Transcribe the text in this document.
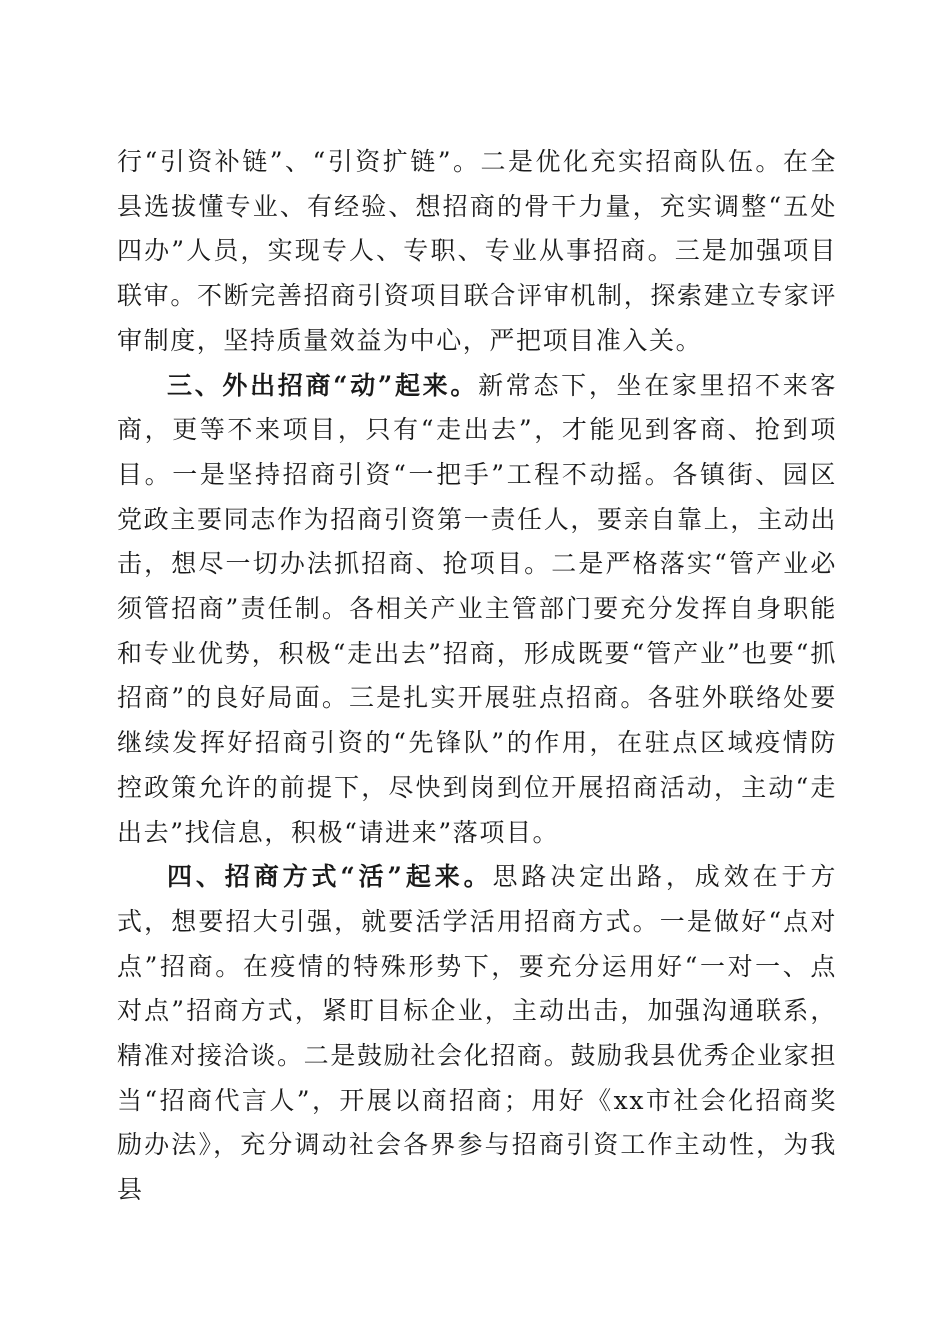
行“引资补链”、“引资扩链”。二是优化充实招商队伍。在全县选拔懂专业、有经验、想招商的骨干力量，充实调整“五处四办”人员，实现专人、专职、专业从事招商。三是加强项目联审。不断完善招商引资项目联合评审机制，探索建立专家评审制度，坚持质量效益为中心，严把项目准入关。

三、外出招商“动”起来。新常态下，坐在家里招不来客商，更等不来项目，只有“走出去”，才能见到客商、抢到项目。一是坚持招商引资“一把手”工程不动摇。各镇街、园区党政主要同志作为招商引资第一责任人，要亲自靠上，主动出击，想尽一切办法抓招商、抢项目。二是严格落实“管产业必须管招商”责任制。各相关产业主管部门要充分发挥自身职能和专业优势，积极“走出去”招商，形成既要“管产业”也要“抓招商”的良好局面。三是扎实开展驻点招商。各驻外联络处要继续发挥好招商引资的“先锋队”的作用，在驻点区域疫情防控政策允许的前提下，尽快到岗到位开展招商活动，主动“走出去”找信息，积极“请进来”落项目。

四、招商方式“活”起来。思路决定出路，成效在于方式，想要招大引强，就要活学活用招商方式。一是做好“点对点”招商。在疫情的特殊形势下，要充分运用好“一对一、点对点”招商方式，紧盯目标企业，主动出击，加强沟通联系，精准对接洽谈。二是鼓励社会化招商。鼓励我县优秀企业家担当“招商代言人”，开展以商招商；用好《xx市社会化招商奖励办法》，充分调动社会各界参与招商引资工作主动性，为我县
